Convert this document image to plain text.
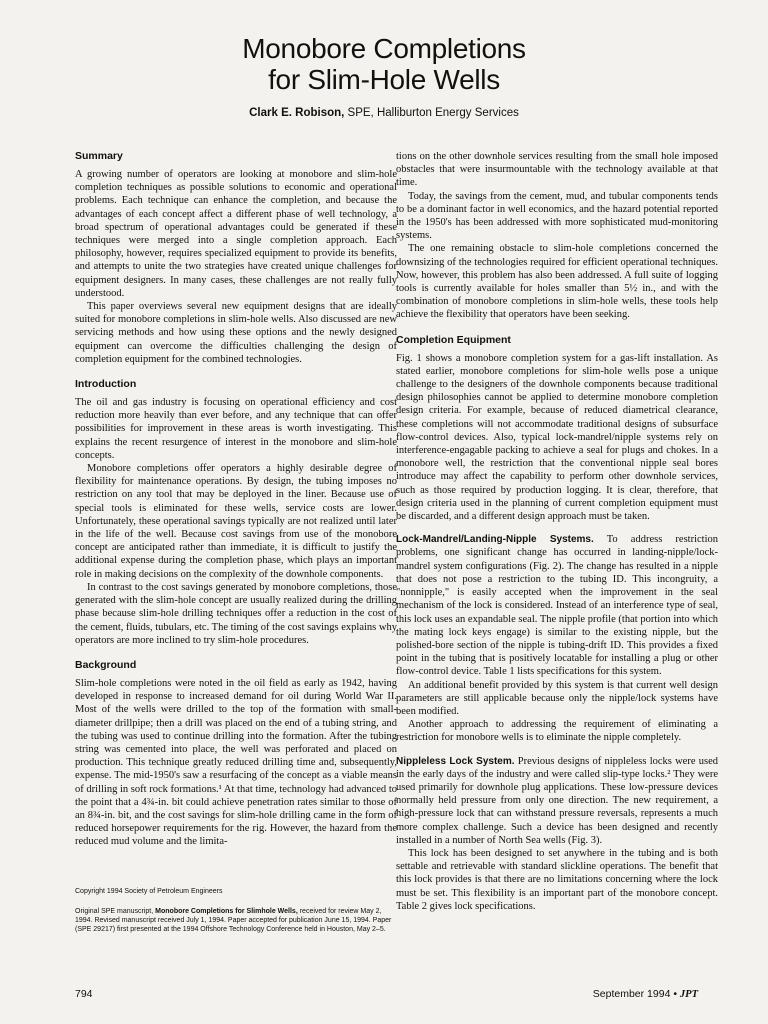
Monobore Completions
for Slim-Hole Wells
Clark E. Robison, SPE, Halliburton Energy Services
Summary

A growing number of operators are looking at monobore and slim-hole completion techniques as possible solutions to economic and operational problems. Each technique can enhance the completion, and because the advantages of each concept affect a different phase of well technology, a broad spectrum of operational advantages could be generated if these techniques were merged into a single completion approach. Each philosophy, however, requires specialized equipment to provide its benefits, and attempts to unite the two strategies have created unique challenges for equipment designers. In many cases, these challenges are not really fully understood.

This paper overviews several new equipment designs that are ideally suited for monobore completions in slim-hole wells. Also discussed are new servicing methods and how using these options and the newly designed equipment can overcome the difficulties challenging the design of completion equipment for the combined technologies.

Introduction

The oil and gas industry is focusing on operational efficiency and cost reduction more heavily than ever before, and any technique that can offer possibilities for improvement in these areas is worth investigating. This explains the recent resurgence of interest in the monobore and slim-hole concepts.

Monobore completions offer operators a highly desirable degree of flexibility for maintenance operations. By design, the tubing imposes no restriction on any tool that may be deployed in the liner. Because use of special tools is eliminated for these wells, service costs are lower. Unfortunately, these operational savings typically are not realized until later in the life of the well. Because cost savings from use of the monobore concept are anticipated rather than immediate, it is difficult to justify the additional expense during the completion phase, which plays an important role in making decisions on the complexity of the downhole components.

In contrast to the cost savings generated by monobore completions, those generated with the slim-hole concept are usually realized during the drilling phase because slim-hole drilling techniques offer a reduction in the cost of the cement, fluids, tubulars, etc. The timing of the cost savings explains why operators are more inclined to try slim-hole procedures.

Background

Slim-hole completions were noted in the oil field as early as 1942, having developed in response to increased demand for oil during World War II. Most of the wells were drilled to the top of the formation with small-diameter drillpipe; then a drill was placed on the end of a tubing string, and the tubing was used to continue drilling into the formation. After the tubing string was cemented into place, the well was perforated and placed on production. This technique greatly reduced drilling time and, subsequently, expense. The mid-1950's saw a resurfacing of the concept as a viable means of drilling in soft rock formations.¹ At that time, technology had advanced to the point that a 4¾-in. bit could achieve penetration rates similar to those of an 8¾-in. bit, and the cost savings for slim-hole drilling came in the form of reduced horsepower requirements for the rig. However, the hazard from the reduced mud volume and the limita-

tions on the other downhole services resulting from the small hole imposed obstacles that were insurmountable with the technology available at that time.

Today, the savings from the cement, mud, and tubular components tends to be a dominant factor in well economics, and the hazard potential reported in the 1950's has been addressed with more sophisticated mud-monitoring systems.

The one remaining obstacle to slim-hole completions concerned the downsizing of the technologies required for efficient operational techniques. Now, however, this problem has also been addressed. A full suite of logging tools is currently available for holes smaller than 5½ in., and with the combination of monobore completions in slim-hole wells, these tools help achieve the flexibility that operators have been seeking.

Completion Equipment

Fig. 1 shows a monobore completion system for a gas-lift installation. As stated earlier, monobore completions for slim-hole wells pose a unique challenge to the designers of the downhole components because traditional design philosophies cannot be applied to determine monobore completion design criteria. For example, because of reduced diametrical clearance, these completions will not accommodate traditional designs of subsurface flow-control devices. Also, typical lock-mandrel/nipple systems rely on interference-engagable packing to achieve a seal for plugs and chokes. In a monobore well, the restriction that the conventional nipple seal bores introduce may affect the capability to perform other downhole services, such as those required by production logging. It is clear, therefore, that design criteria used in the planning of current completion equipment must be discarded, and a different design approach must be taken.

Lock-Mandrel/Landing-Nipple Systems. To address restriction problems, one significant change has occurred in landing-nipple/lock-mandrel system configurations (Fig. 2). The change has resulted in a nipple that does not pose a restriction to the tubing ID. This incongruity, a "nonnipple," is easily accepted when the improvement in the seal mechanism of the lock is considered. Instead of an interference type of seal, this lock uses an expandable seal. The nipple profile (that portion into which the mating lock keys engage) is similar to the existing nipple, but the polished-bore section of the nipple is tubing-drift ID. This provides a fixed point in the tubing that is positively locatable for installing a plug or other flow-control device. Table 1 lists specifications for this system.

An additional benefit provided by this system is that current well design parameters are still applicable because only the nipple/lock systems have been modified.

Another approach to addressing the requirement of eliminating a restriction for monobore wells is to eliminate the nipple completely.

Nippleless Lock System. Previous designs of nippleless locks were used in the early days of the industry and were called slip-type locks.² They were used primarily for downhole plug applications. These low-pressure devices normally held pressure from only one direction. The new requirement, a high-pressure lock that can withstand pressure reversals, represents a much more complex challenge. Such a device has been designed and recently installed in a number of North Sea wells (Fig. 3).

This lock has been designed to set anywhere in the tubing and is both settable and retrievable with standard slickline operations. The benefit that this lock provides is that there are no limitations concerning where the lock must be set. This flexibility is an important part of the monobore concept. Table 2 gives lock specifications.

Copyright 1994 Society of Petroleum Engineers
Original SPE manuscript, Monobore Completions for Slimhole Wells, received for review May 2, 1994. Revised manuscript received July 1, 1994. Paper accepted for publication June 15, 1994. Paper (SPE 29217) first presented at the 1994 Offshore Technology Conference held in Houston, May 2–5.
794	September 1994 • JPT
